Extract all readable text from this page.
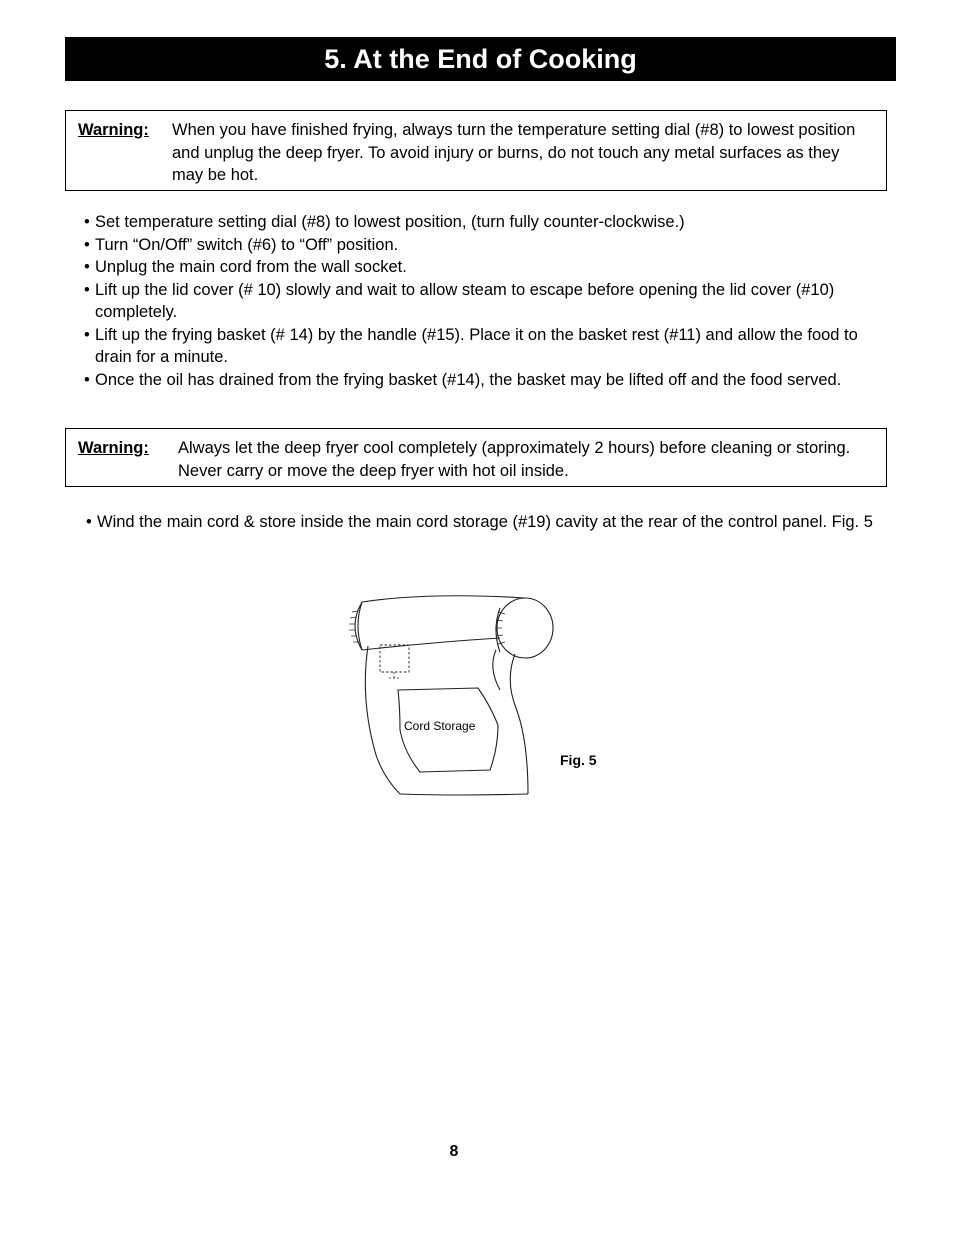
5. At the End of Cooking
Warning: When you have finished frying, always turn the temperature setting dial (#8) to lowest position and unplug the deep fryer. To avoid injury or burns, do not touch any metal surfaces as they may be hot.
• Set temperature setting dial (#8) to lowest position, (turn fully counter-clockwise.)
• Turn “On/Off” switch (#6) to “Off” position.
• Unplug the main cord from the wall socket.
• Lift up the lid cover (# 10) slowly and wait to allow steam to escape before opening the lid cover (#10) completely.
• Lift up the frying basket (# 14) by the handle (#15). Place it on the basket rest (#11) and allow the food to drain for a minute.
• Once the oil has drained from the frying basket (#14), the basket may be lifted off and the food served.
Warning: Always let the deep fryer cool completely (approximately 2 hours) before cleaning or storing. Never carry or move the deep fryer with hot oil inside.
• Wind the main cord & store inside the main cord storage (#19) cavity at the rear of the control panel. Fig. 5
Cord Storage
Fig. 5
8
